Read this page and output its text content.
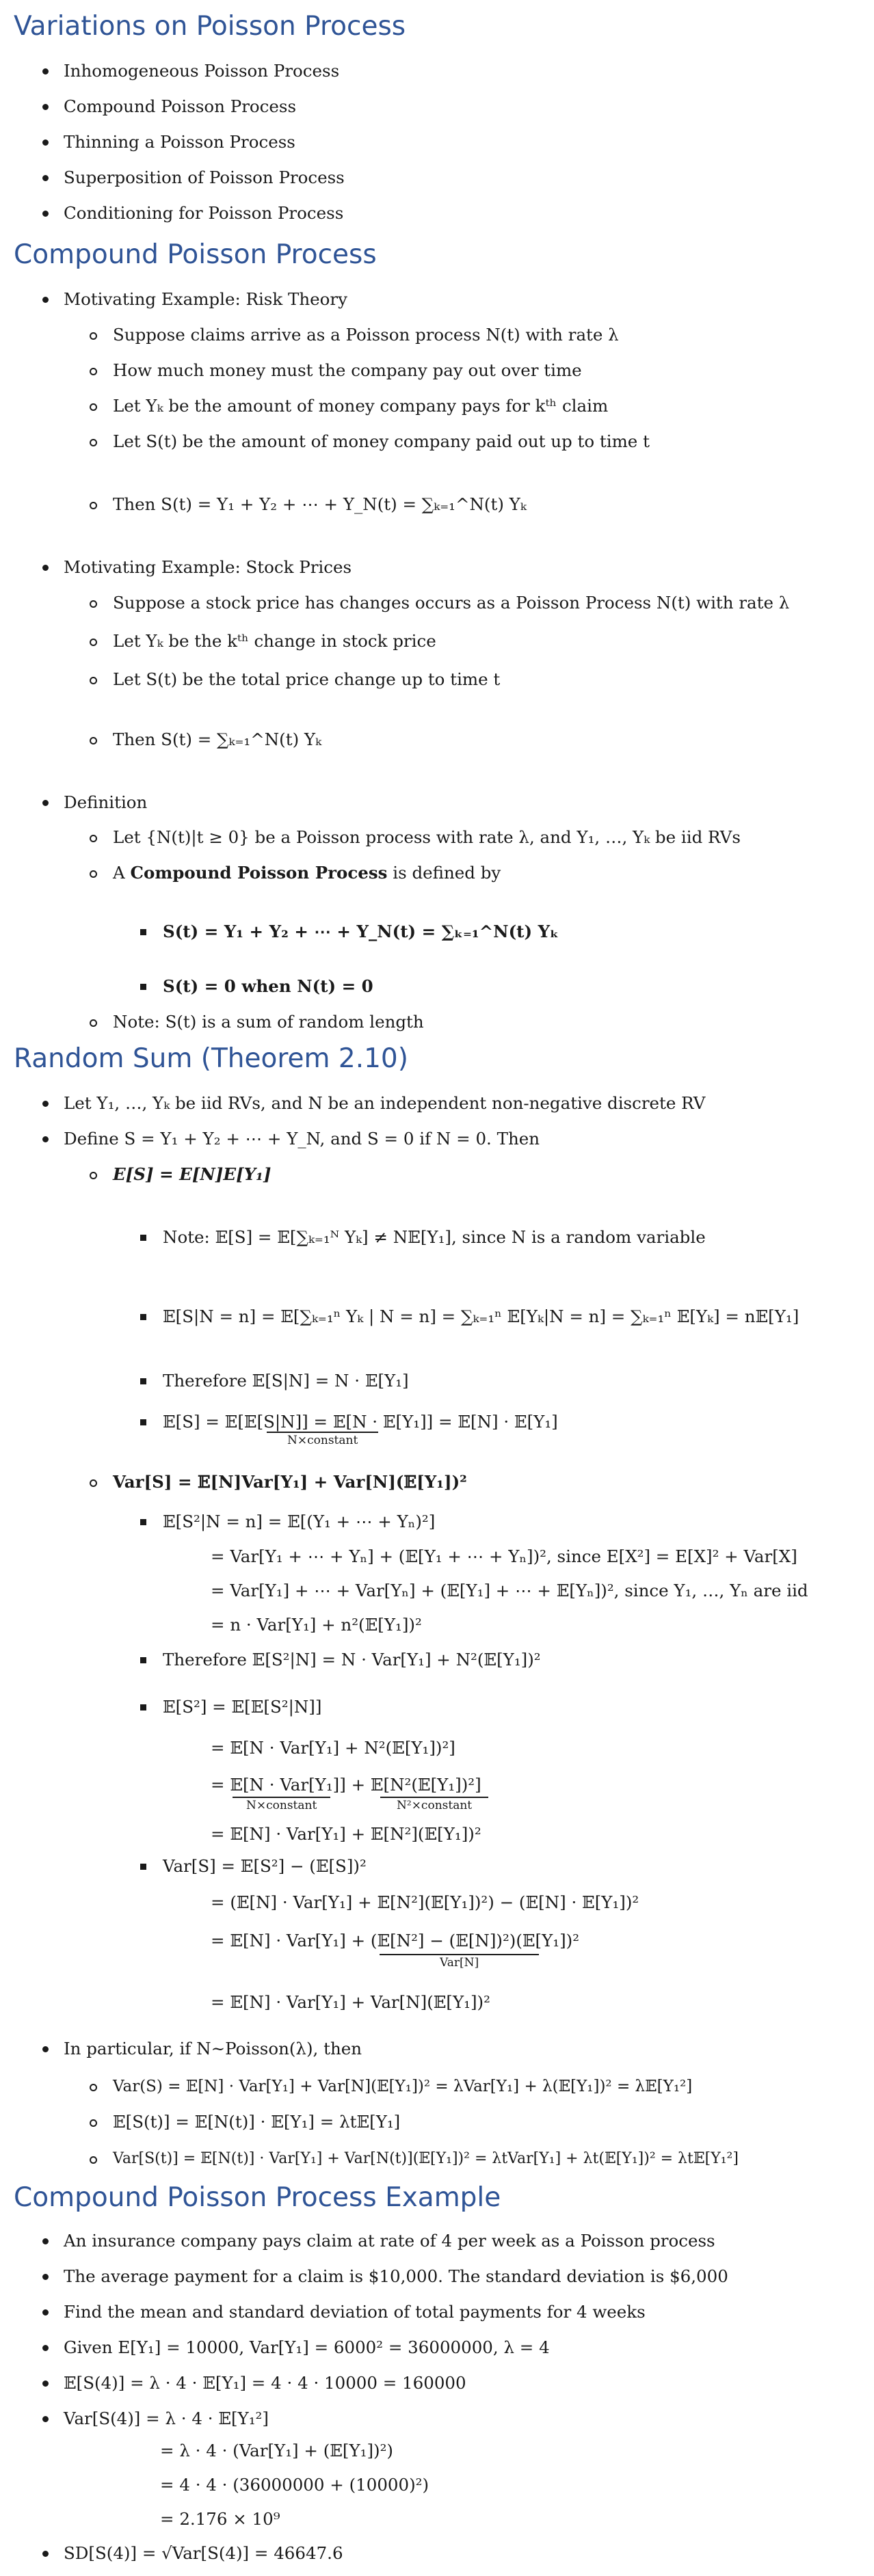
Variations on Poisson Process
Inhomogeneous Poisson Process
Compound Poisson Process
Thinning a Poisson Process
Superposition of Poisson Process
Conditioning for Poisson Process
Compound Poisson Process
Motivating Example: Risk Theory
Suppose claims arrive as a Poisson process N(t) with rate λ
How much money must the company pay out over time
Let Yₖ be the amount of money company pays for kᵗʰ claim
Let S(t) be the amount of money company paid out up to time t
Then S(t) = Y₁ + Y₂ + ⋯ + Y_N(t) = ∑ₖ₌₁^N(t) Yₖ
Motivating Example: Stock Prices
Suppose a stock price has changes occurs as a Poisson Process N(t) with rate λ
Let Yₖ be the kᵗʰ change in stock price
Let S(t) be the total price change up to time t
Then S(t) = ∑ₖ₌₁^N(t) Yₖ
Definition
Let {N(t)|t ≥ 0} be a Poisson process with rate λ, and Y₁, …, Yₖ be iid RVs
A Compound Poisson Process is defined by
S(t) = Y₁ + Y₂ + ⋯ + Y_N(t) = ∑ₖ₌₁^N(t) Yₖ
S(t) = 0 when N(t) = 0
Note: S(t) is a sum of random length
Random Sum (Theorem 2.10)
Let Y₁, …, Yₖ be iid RVs, and N be an independent non-negative discrete RV
Define S = Y₁ + Y₂ + ⋯ + Y_N, and S = 0 if N = 0. Then
E[S] = E[N]E[Y₁]
Note: 𝔼[S] = 𝔼[∑ₖ₌₁ᴺ Yₖ] ≠ N𝔼[Y₁], since N is a random variable
𝔼[S|N = n] = 𝔼[∑ₖ₌₁ⁿ Yₖ | N = n] = ∑ₖ₌₁ⁿ 𝔼[Yₖ|N = n] = ∑ₖ₌₁ⁿ 𝔼[Yₖ] = n𝔼[Y₁]
Therefore 𝔼[S|N] = N · 𝔼[Y₁]
𝔼[S] = 𝔼[𝔼[S|N]] = 𝔼[N · 𝔼[Y₁]] = 𝔼[N] · 𝔼[Y₁]
N×constant
Var[S] = 𝔼[N]Var[Y₁] + Var[N](𝔼[Y₁])²
𝔼[S²|N = n] = 𝔼[(Y₁ + ⋯ + Yₙ)²]
= Var[Y₁ + ⋯ + Yₙ] + (𝔼[Y₁ + ⋯ + Yₙ])², since E[X²] = E[X]² + Var[X]
= Var[Y₁] + ⋯ + Var[Yₙ] + (𝔼[Y₁] + ⋯ + 𝔼[Yₙ])², since Y₁, …, Yₙ are iid
= n · Var[Y₁] + n²(𝔼[Y₁])²
Therefore 𝔼[S²|N] = N · Var[Y₁] + N²(𝔼[Y₁])²
𝔼[S²] = 𝔼[𝔼[S²|N]]
= 𝔼[N · Var[Y₁] + N²(𝔼[Y₁])²]
= 𝔼[N · Var[Y₁]] + 𝔼[N²(𝔼[Y₁])²]
N×constant	N²×constant
= 𝔼[N] · Var[Y₁] + 𝔼[N²](𝔼[Y₁])²
Var[S] = 𝔼[S²] − (𝔼[S])²
= (𝔼[N] · Var[Y₁] + 𝔼[N²](𝔼[Y₁])²) − (𝔼[N] · 𝔼[Y₁])²
= 𝔼[N] · Var[Y₁] + (𝔼[N²] − (𝔼[N])²)(𝔼[Y₁])²
Var[N]
= 𝔼[N] · Var[Y₁] + Var[N](𝔼[Y₁])²
In particular, if N~Poisson(λ), then
Var(S) = 𝔼[N] · Var[Y₁] + Var[N](𝔼[Y₁])² = λVar[Y₁] + λ(𝔼[Y₁])² = λ𝔼[Y₁²]
𝔼[S(t)] = 𝔼[N(t)] · 𝔼[Y₁] = λt𝔼[Y₁]
Var[S(t)] = 𝔼[N(t)] · Var[Y₁] + Var[N(t)](𝔼[Y₁])² = λtVar[Y₁] + λt(𝔼[Y₁])² = λt𝔼[Y₁²]
Compound Poisson Process Example
An insurance company pays claim at rate of 4 per week as a Poisson process
The average payment for a claim is $10,000. The standard deviation is $6,000
Find the mean and standard deviation of total payments for 4 weeks
Given E[Y₁] = 10000, Var[Y₁] = 6000² = 36000000, λ = 4
𝔼[S(4)] = λ · 4 · 𝔼[Y₁] = 4 · 4 · 10000 = 160000
Var[S(4)] = λ · 4 · 𝔼[Y₁²]
= λ · 4 · (Var[Y₁] + (𝔼[Y₁])²)
= 4 · 4 · (36000000 + (10000)²)
= 2.176 × 10⁹
SD[S(4)] = √Var[S(4)] = 46647.6
